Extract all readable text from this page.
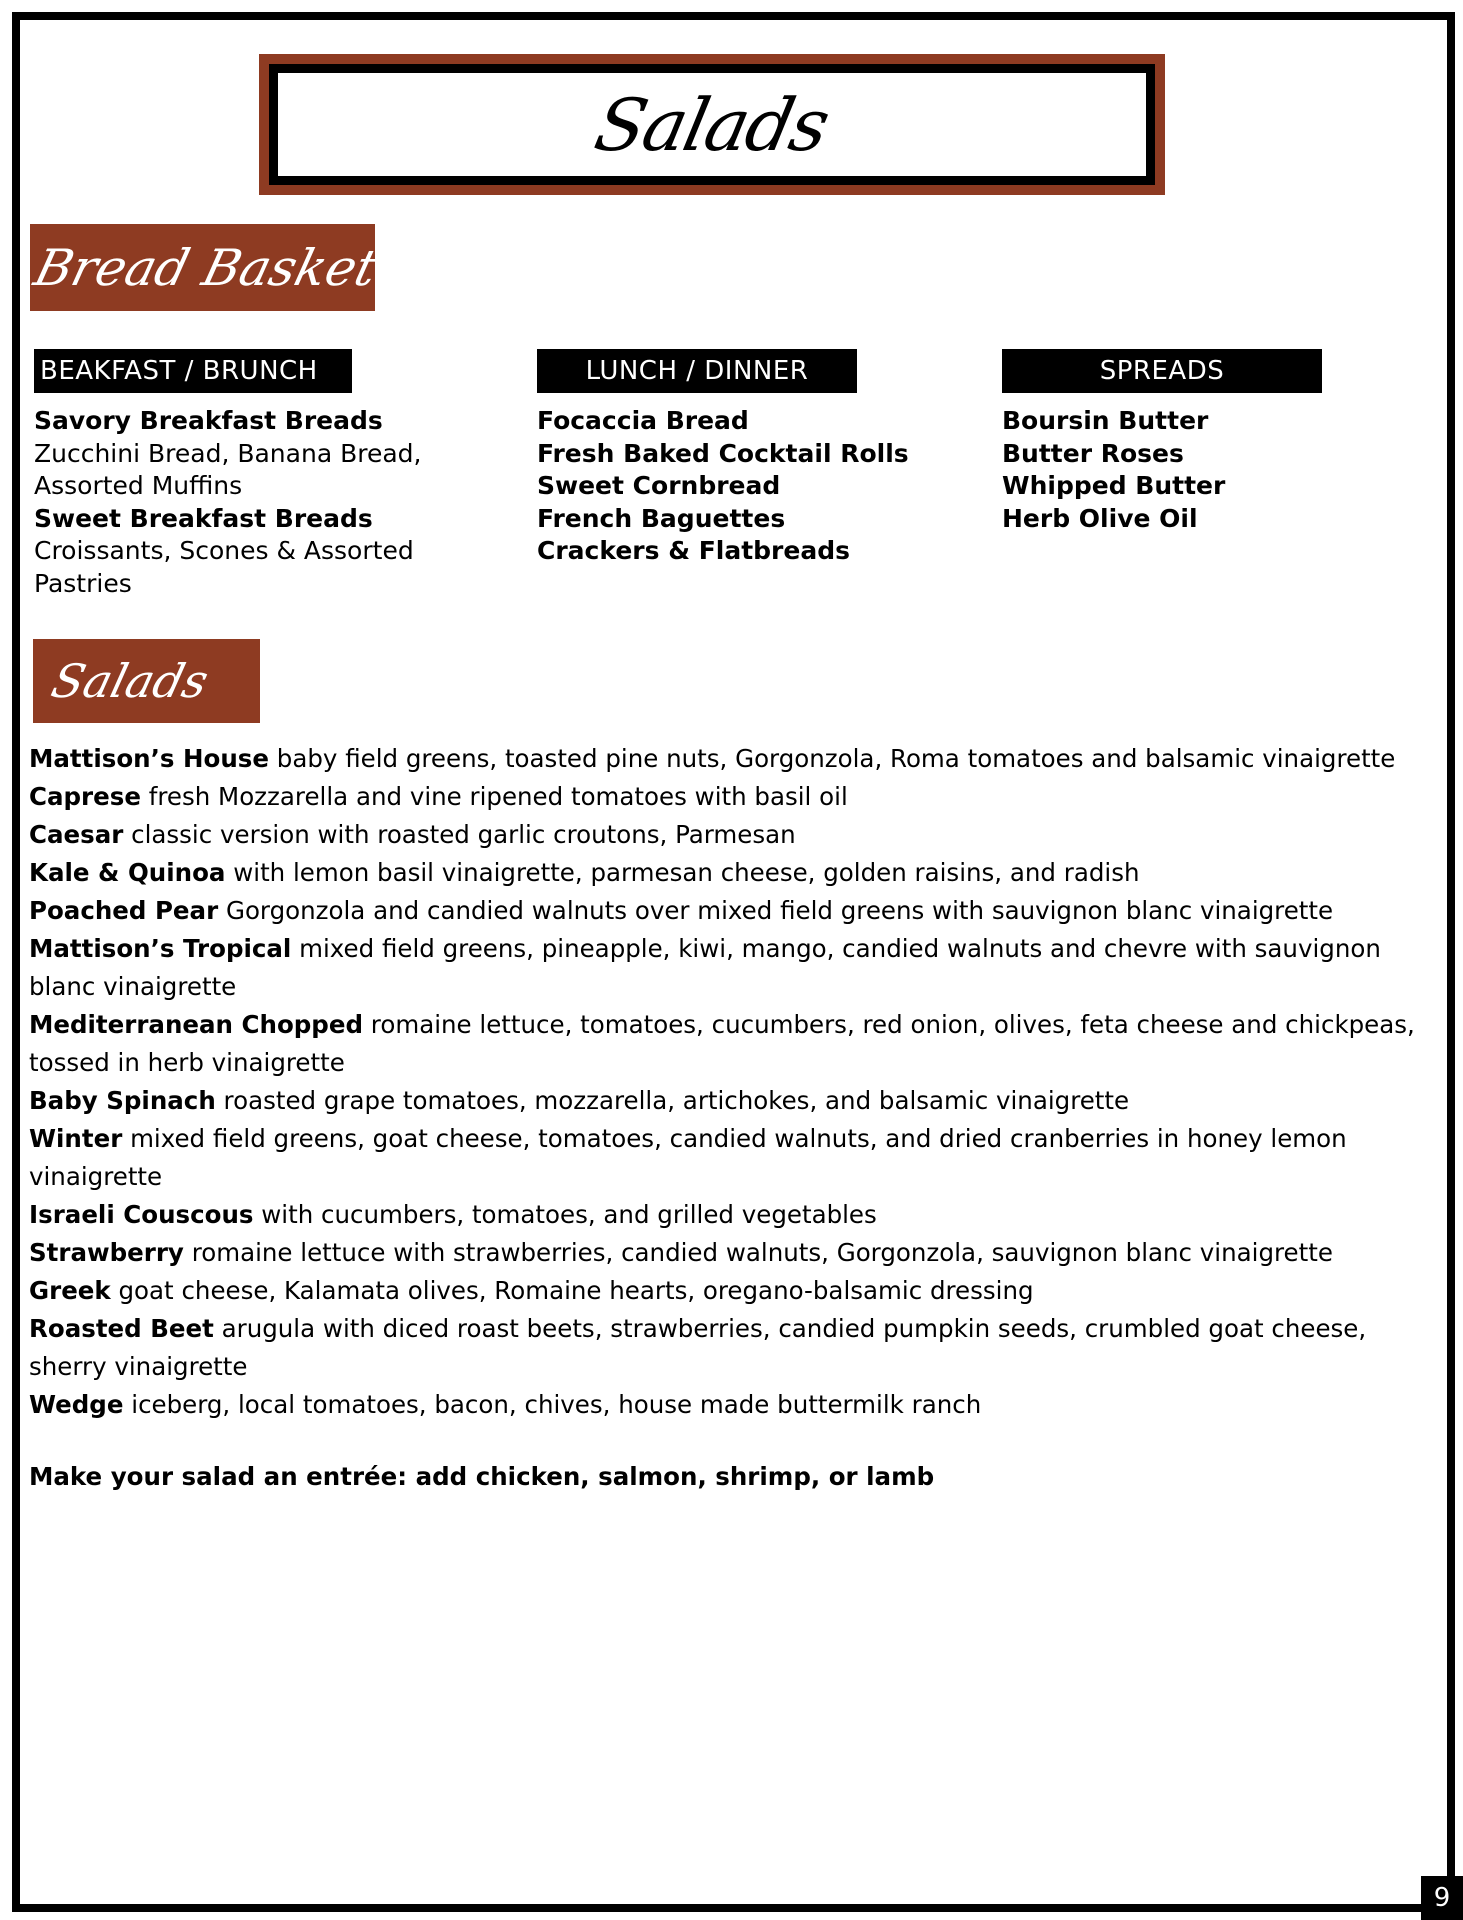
Salads
Bread Basket
BEAKFAST / BRUNCH	LUNCH / DINNER	SPREADS
Savory Breakfast Breads
Zucchini Bread, Banana Bread,
Assorted Muffins
Sweet Breakfast Breads
Croissants, Scones & Assorted
Pastries
Focaccia Bread
Fresh Baked Cocktail Rolls
Sweet Cornbread
French Baguettes
Crackers & Flatbreads
Boursin Butter
Butter Roses
Whipped Butter
Herb Olive Oil
Salads

Mattison’s House baby field greens, toasted pine nuts, Gorgonzola, Roma tomatoes and balsamic vinaigrette

Caprese fresh Mozzarella and vine ripened tomatoes with basil oil

Caesar classic version with roasted garlic croutons, Parmesan

Kale & Quinoa with lemon basil vinaigrette, parmesan cheese, golden raisins, and radish

Poached Pear Gorgonzola and candied walnuts over mixed field greens with sauvignon blanc vinaigrette

Mattison’s Tropical mixed field greens, pineapple, kiwi, mango, candied walnuts and chevre with sauvignon blanc vinaigrette

Mediterranean Chopped romaine lettuce, tomatoes, cucumbers, red onion, olives, feta cheese and chickpeas, tossed in herb vinaigrette

Baby Spinach roasted grape tomatoes, mozzarella, artichokes, and balsamic vinaigrette

Winter mixed field greens, goat cheese, tomatoes, candied walnuts, and dried cranberries in honey lemon vinaigrette

Israeli Couscous with cucumbers, tomatoes, and grilled vegetables

Strawberry romaine lettuce with strawberries, candied walnuts, Gorgonzola, sauvignon blanc vinaigrette

Greek goat cheese, Kalamata olives, Romaine hearts, oregano-balsamic dressing

Roasted Beet arugula with diced roast beets, strawberries, candied pumpkin seeds, crumbled goat cheese, sherry vinaigrette

Wedge iceberg, local tomatoes, bacon, chives, house made buttermilk ranch

Make your salad an entrée: add chicken, salmon, shrimp, or lamb
9
